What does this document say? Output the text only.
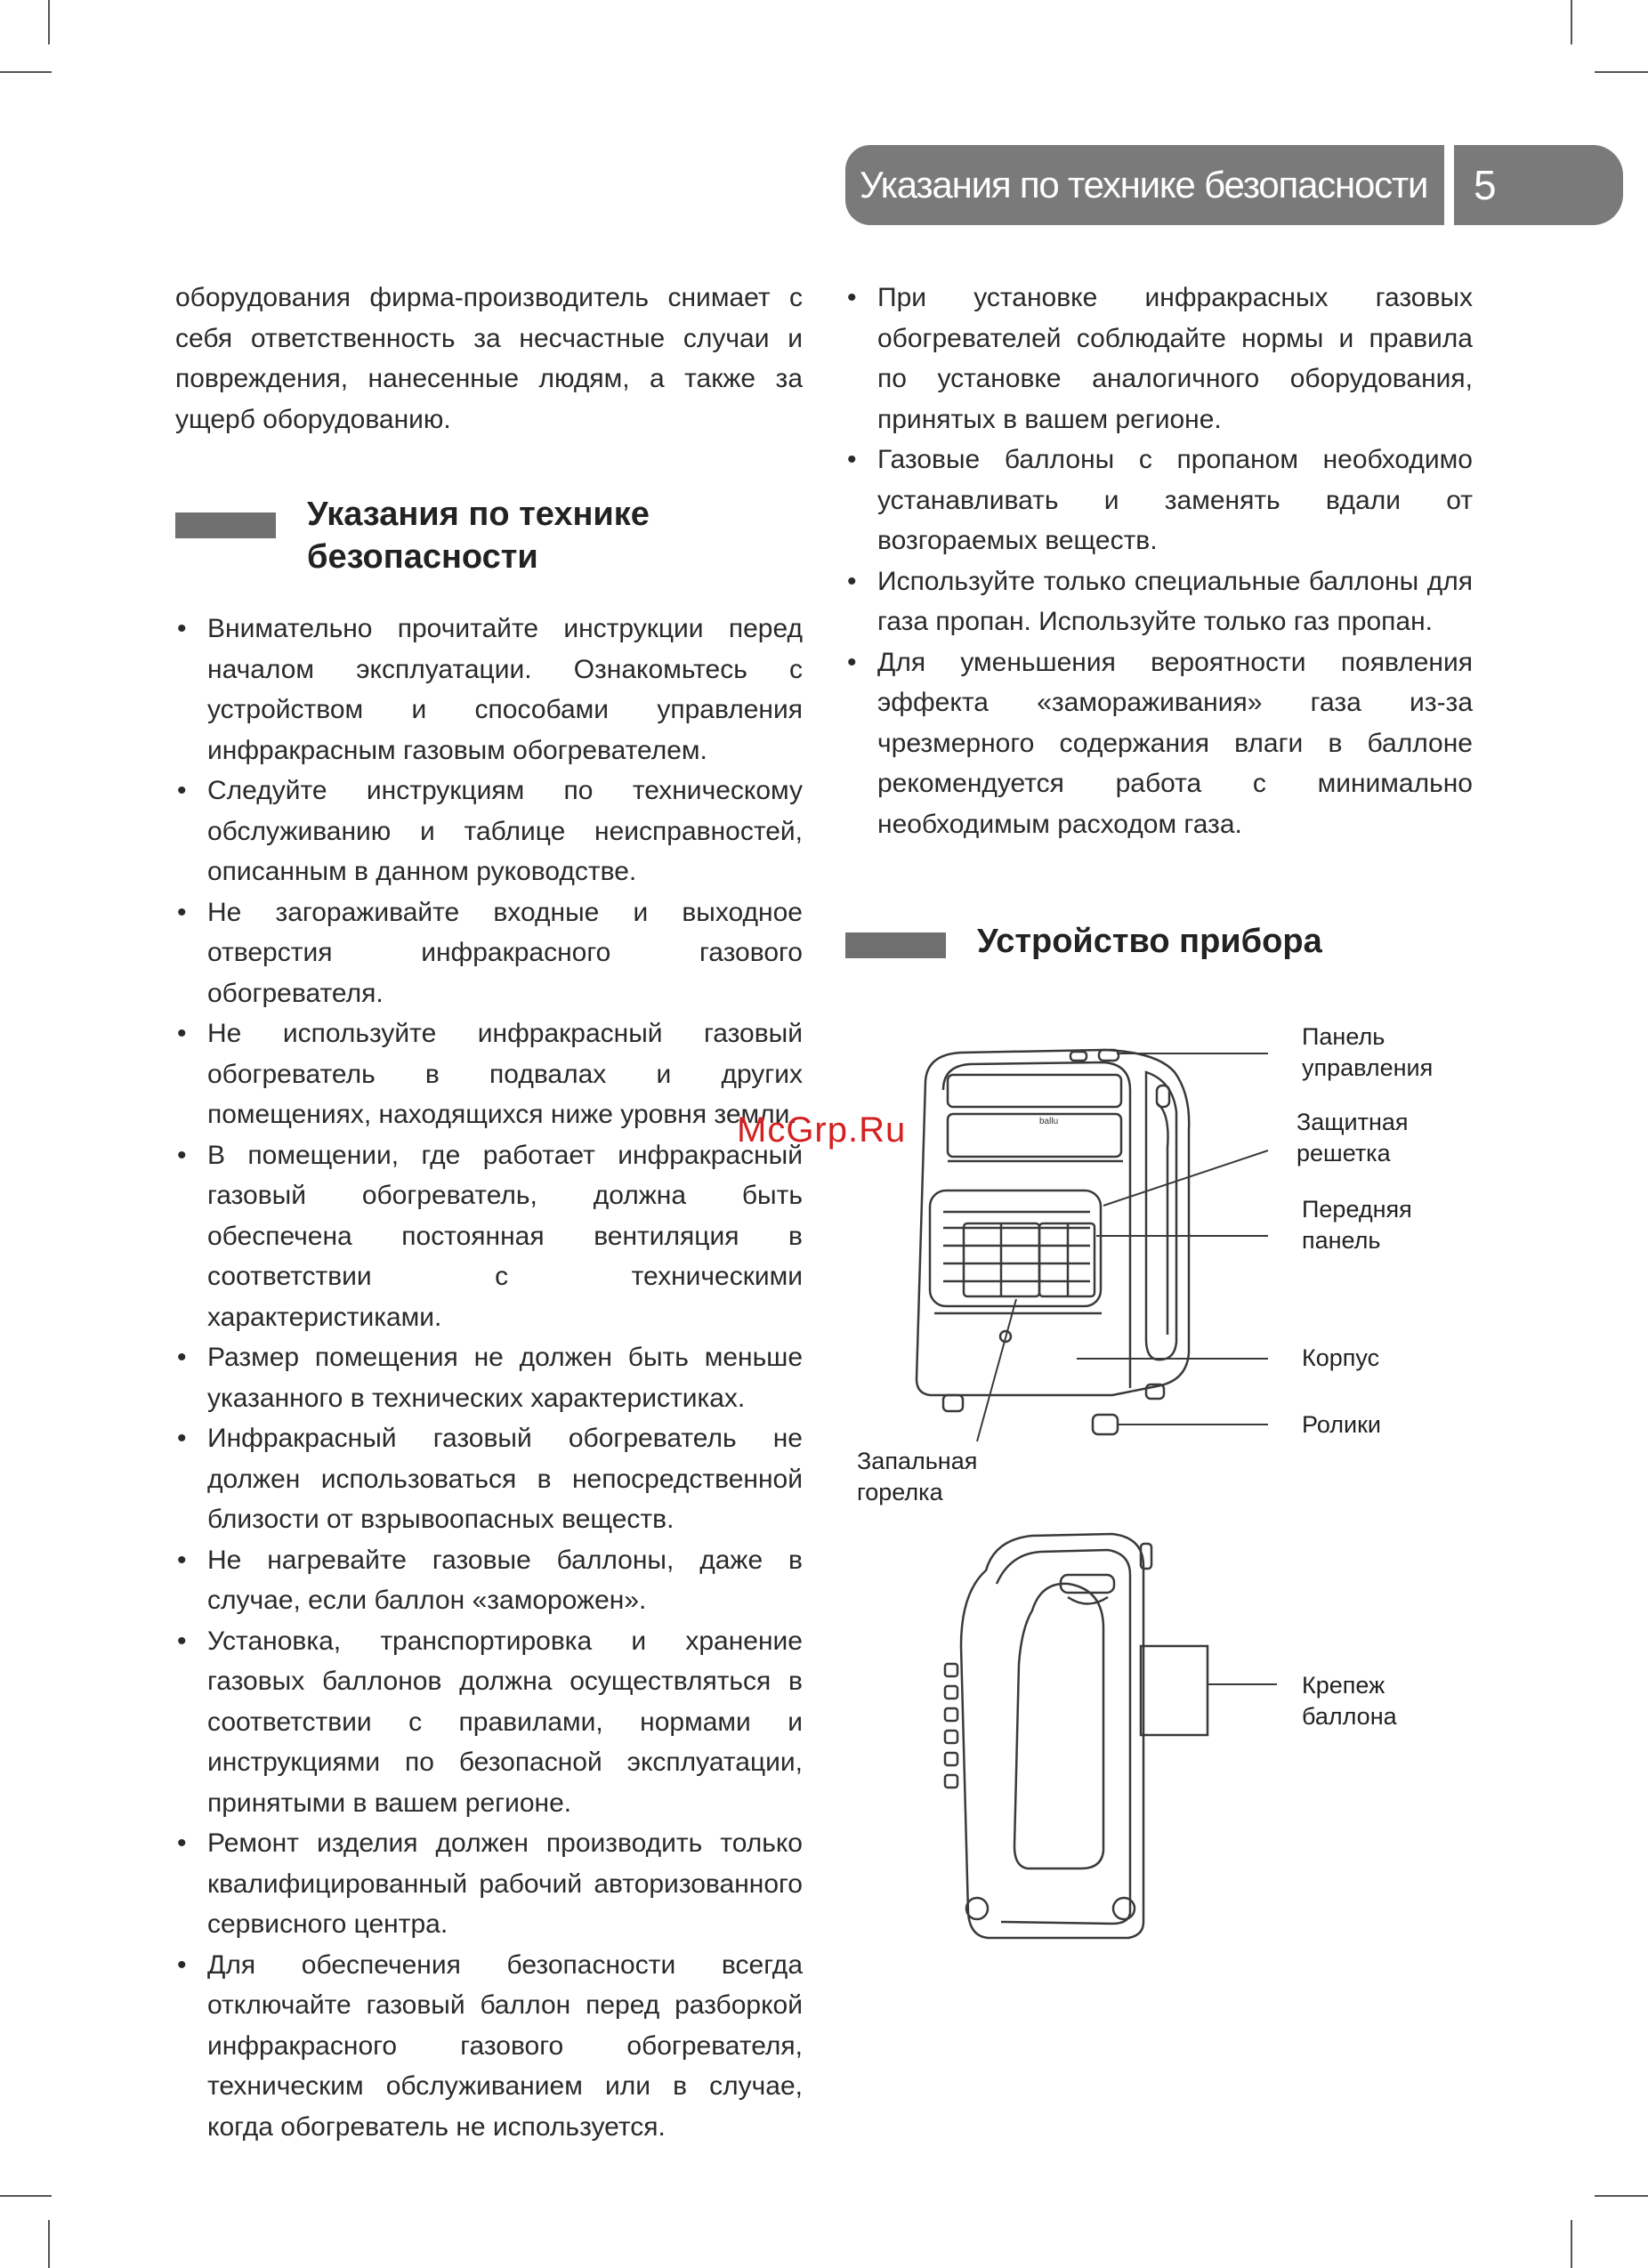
Указания по технике безопасности	5

оборудования фирма-производитель снимает с себя ответственность за несчастные случаи и повреждения, нанесенные людям, а также за ущерб оборудованию.

Указания по технике безопасности
• Внимательно прочитайте инструкции перед началом эксплуатации. Ознакомьтесь с устройством и способами управления инфракрасным газовым обогревателем.
• Следуйте инструкциям по техническому обслуживанию и таблице неисправностей, описанным в данном руководстве.
• Не загораживайте входные и выходное отверстия инфракрасного газового обогревателя.
• Не используйте инфракрасный газовый обогреватель в подвалах и других помещениях, находящихся ниже уровня земли.
• В помещении, где работает инфракрасный газовый обогреватель, должна быть обеспечена постоянная вентиляция в соответствии с техническими характеристиками.
• Размер помещения не должен быть меньше указанного в технических характеристиках.
• Инфракрасный газовый обогреватель не должен использоваться в непосредственной близости от взрывоопасных веществ.
• Не нагревайте газовые баллоны, даже в случае, если баллон «заморожен».
• Установка, транспортировка и хранение газовых баллонов должна осуществляться в соответствии с правилами, нормами и инструкциями по безопасной эксплуатации, принятыми в вашем регионе.
• Ремонт изделия должен производить только квалифицированный рабочий авторизованного сервисного центра.
• Для обеспечения безопасности всегда отключайте газовый баллон перед разборкой инфракрасного газового обогревателя, техническим обслуживанием или в случае, когда обогреватель не используется.
• При установке инфракрасных газовых обогревателей соблюдайте нормы и правила по установке аналогичного оборудования, принятых в вашем регионе.
• Газовые баллоны с пропаном необходимо устанавливать и заменять вдали от возгораемых веществ.
• Используйте только специальные баллоны для газа пропан. Используйте только газ пропан.
• Для уменьшения вероятности появления эффекта «замораживания» газа из-за чрезмерного содержания влаги в баллоне рекомендуется работа с минимально необходимым расходом газа.
Устройство прибора
ballu
Панель
управления
Защитная
решетка
Передняя
панель
Корпус
Ролики
Запальная
горелка
Крепеж
баллона
McGrp.Ru
